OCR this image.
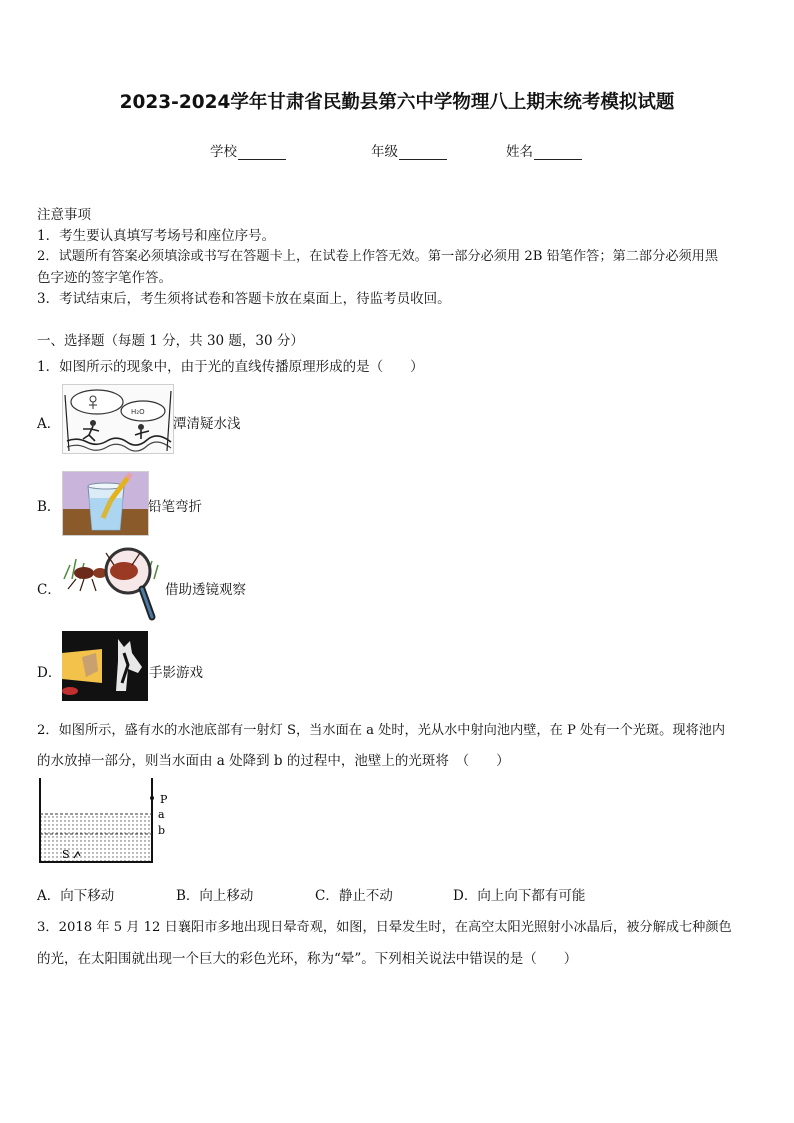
2023-2024学年甘肃省民勤县第六中学物理八上期末统考模拟试题
学校	年级	姓名
注意事项
1．考生要认真填写考场号和座位序号。
2．试题所有答案必须填涂或书写在答题卡上，在试卷上作答无效。第一部分必须用 2B 铅笔作答；第二部分必须用黑
色字迹的签字笔作答。
3．考试结束后，考生须将试卷和答题卡放在桌面上，待监考员收回。
一、选择题（每题 1 分，共 30 题，30 分）
1．如图所示的现象中，由于光的直线传播原理形成的是（　　）
A．
H₂O
潭清疑水浅
B．	铅笔弯折
C．	借助透镜观察
D．	手影游戏
2．如图所示，盛有水的水池底部有一射灯 S，当水面在 a 处时，光从水中射向池内壁，在 P 处有一个光斑。现将池内
的水放掉一部分，则当水面由 a 处降到 b 的过程中，池壁上的光斑将　（　　）
P
a
b
S
A．向下移动	B．向上移动	C．静止不动	D．向上向下都有可能
3．2018 年 5 月 12 日襄阳市多地出现日晕奇观，如图，日晕发生时，在高空太阳光照射小冰晶后，被分解成七种颜色
的光，在太阳围就出现一个巨大的彩色光环，称为“晕”。下列相关说法中错误的是（　　）
